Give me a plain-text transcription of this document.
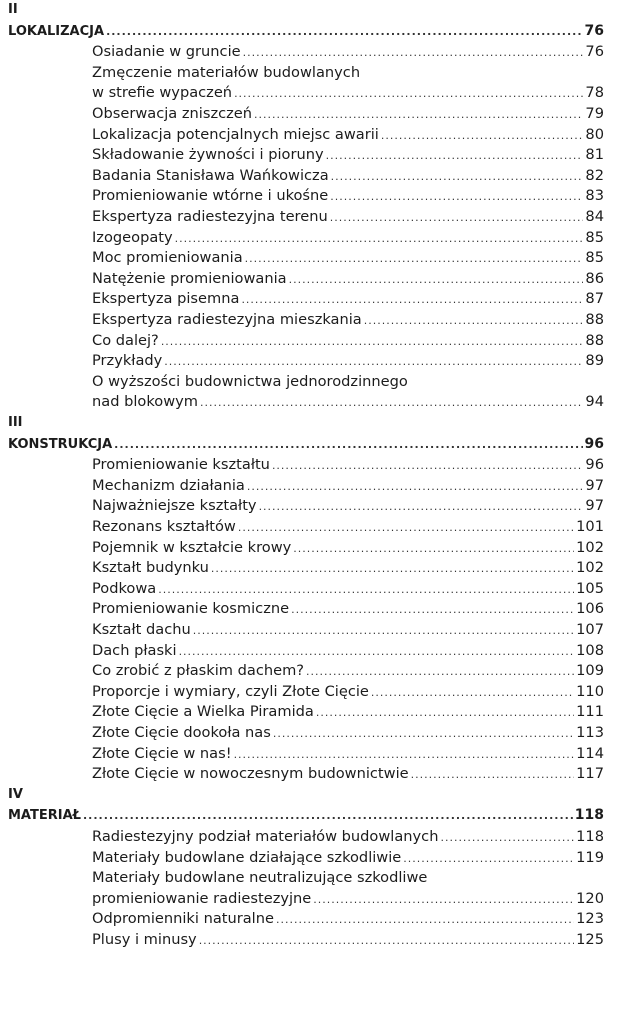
II
LOKALIZACJA .....	76
Osiadanie w gruncie .....	76
Zmęczenie materiałów budowlanych
w strefie wypaczeń .....	78
Obserwacja zniszczeń .....	79
Lokalizacja potencjalnych miejsc awarii .....	80
Składowanie żywności i pioruny .....	81
Badania Stanisława Wańkowicza .....	82
Promieniowanie wtórne i ukośne .....	83
Ekspertyza radiestezyjna terenu .....	84
Izogeopaty .....	85
Moc promieniowania .....	85
Natężenie promieniowania .....	86
Ekspertyza pisemna .....	87
Ekspertyza radiestezyjna mieszkania .....	88
Co dalej? .....	88
Przykłady .....	89
O wyższości budownictwa jednorodzinnego
nad blokowym .....	94
III
KONSTRUKCJA .....	96
Promieniowanie kształtu .....	96
Mechanizm działania .....	97
Najważniejsze kształty .....	97
Rezonans kształtów .....	101
Pojemnik w kształcie krowy .....	102
Kształt budynku .....	102
Podkowa .....	105
Promieniowanie kosmiczne .....	106
Kształt dachu .....	107
Dach płaski .....	108
Co zrobić z płaskim dachem? .....	109
Proporcje i wymiary, czyli Złote Cięcie .....	110
Złote Cięcie a Wielka Piramida .....	111
Złote Cięcie dookoła nas .....	113
Złote Cięcie w nas! .....	114
Złote Cięcie w nowoczesnym budownictwie .....	117
IV
MATERIAŁ .....	118
Radiestezyjny podział materiałów budowlanych .....	118
Materiały budowlane działające szkodliwie .....	119
Materiały budowlane neutralizujące szkodliwe
promieniowanie radiestezyjne .....	120
Odpromienniki naturalne .....	123
Plusy i minusy .....	125
